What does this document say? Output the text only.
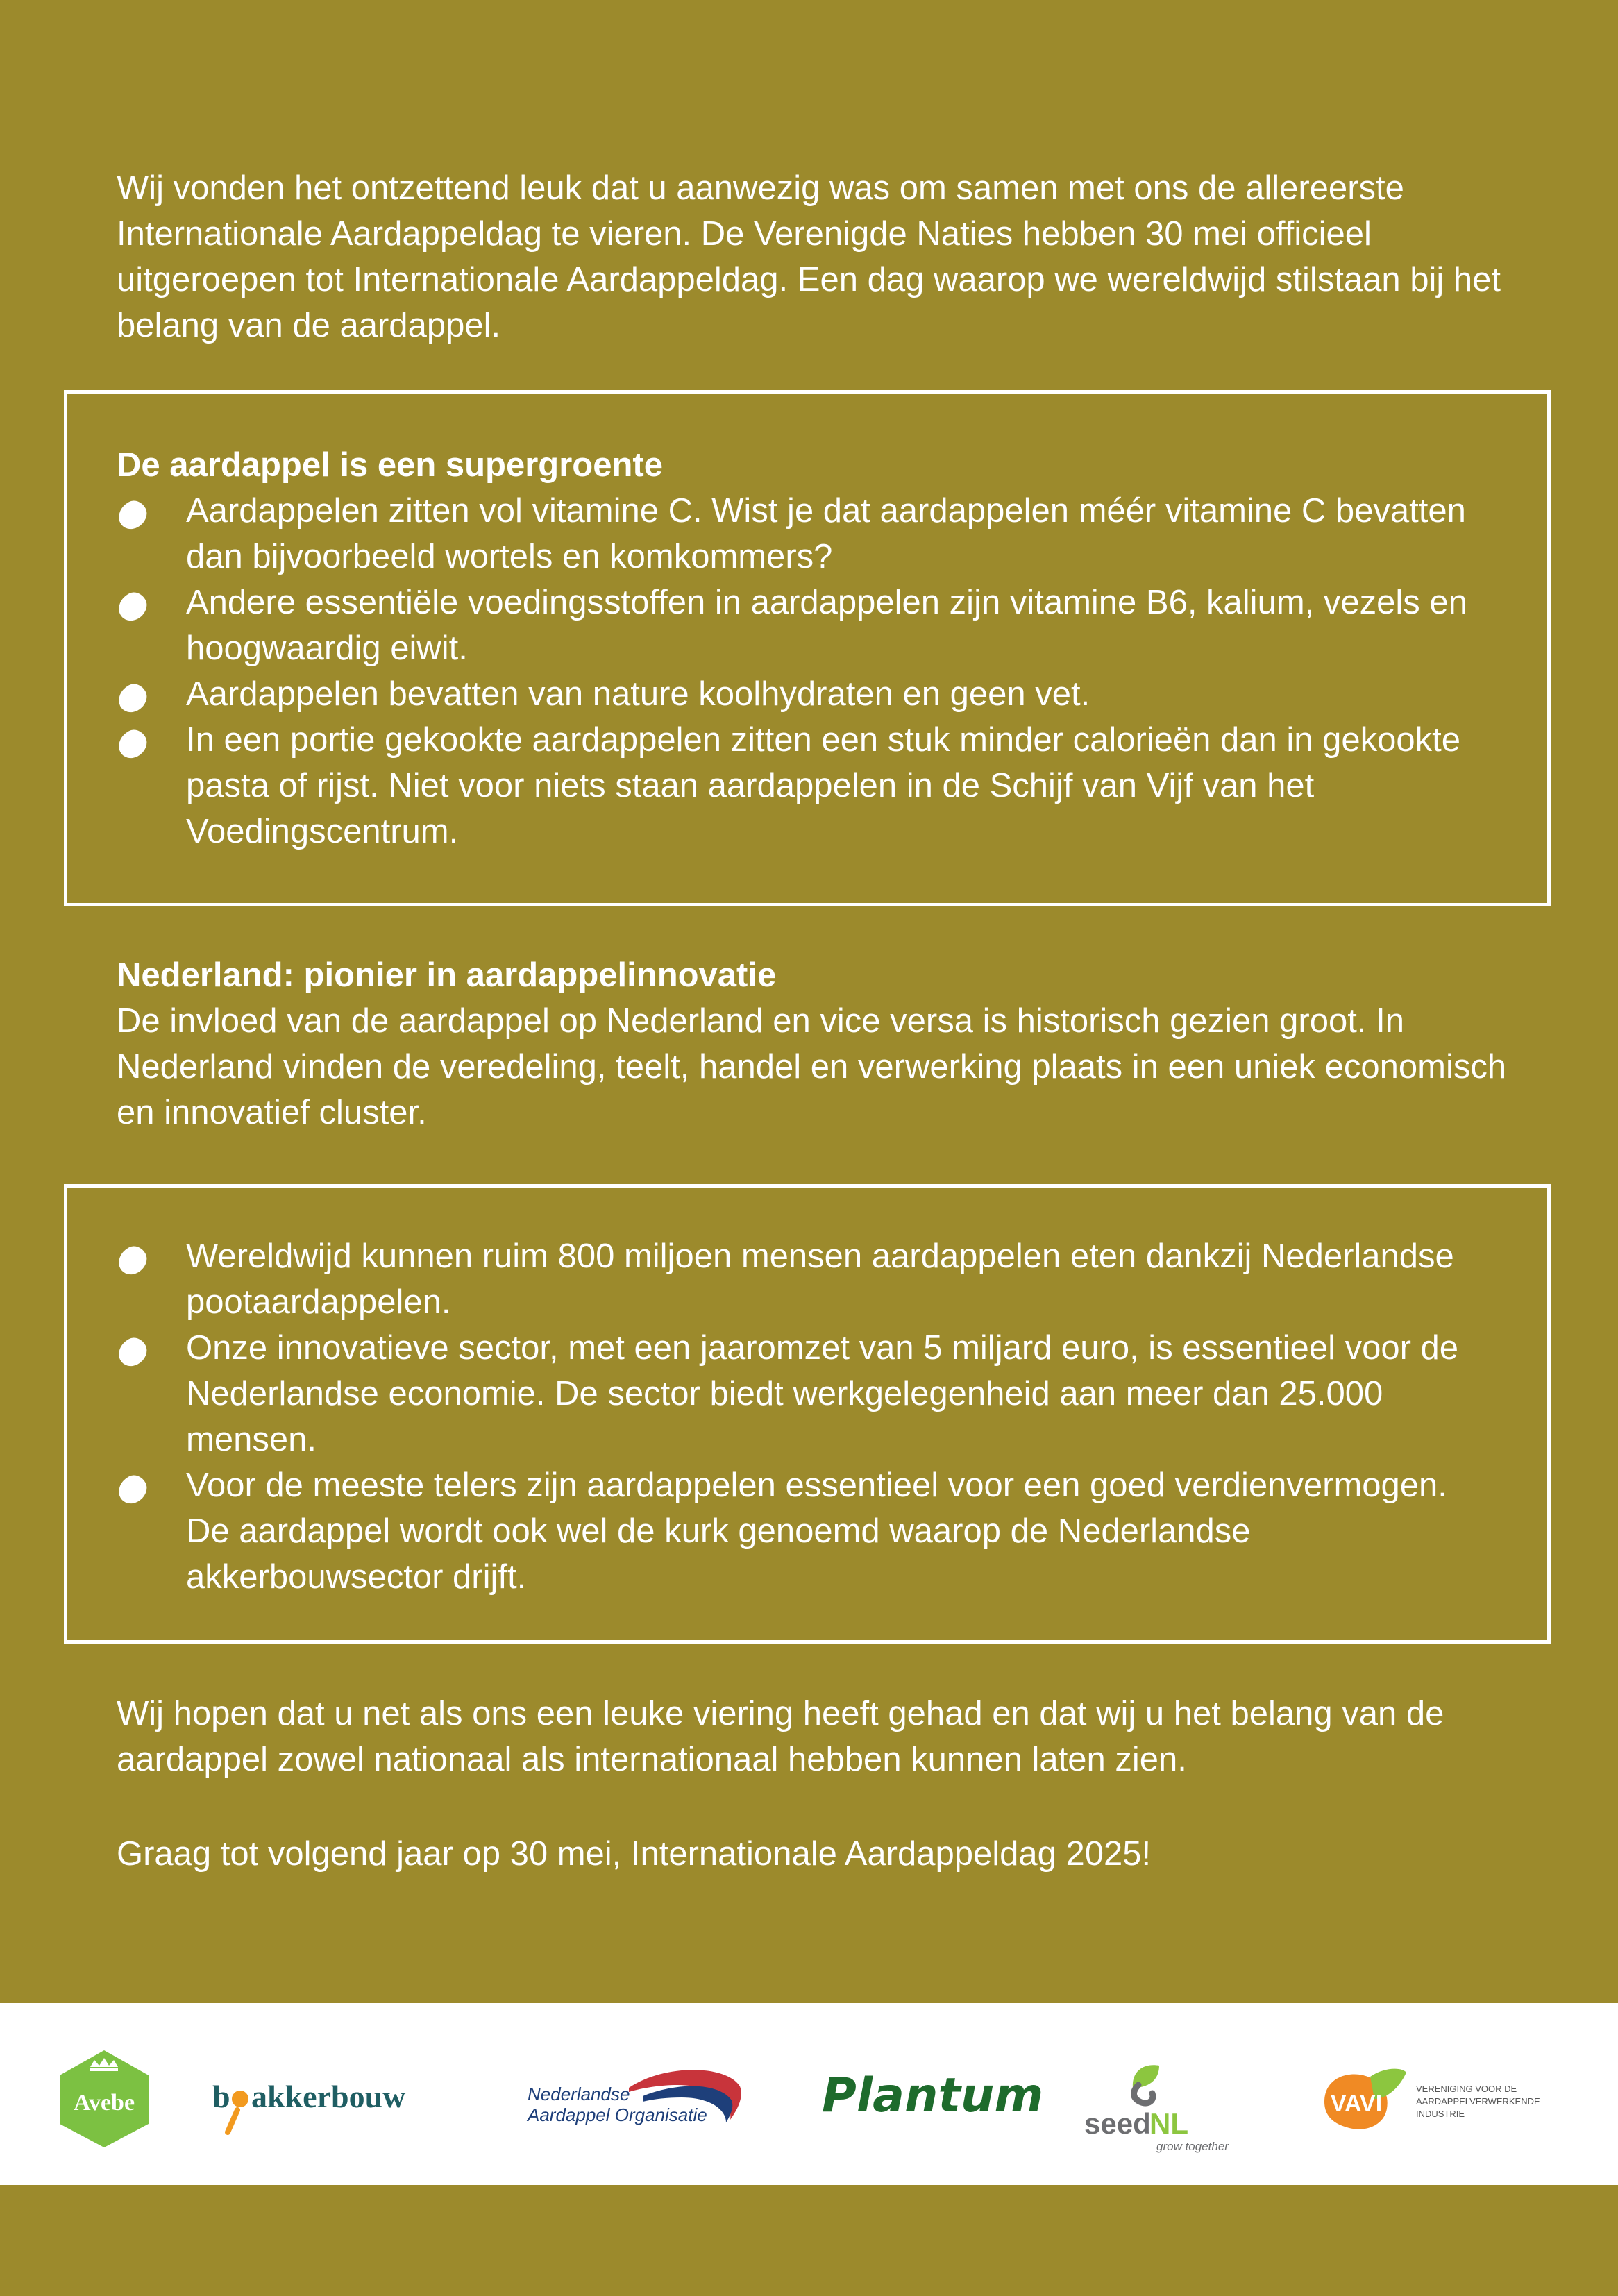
Wij vonden het ontzettend leuk dat u aanwezig was om samen met ons de allereerste Internationale Aardappeldag te vieren. De Verenigde Naties hebben 30 mei officieel uitgeroepen tot Internationale Aardappeldag. Een dag waarop we wereldwijd stilstaan bij het belang van de aardappel.

De aardappel is een supergroente

Aardappelen zitten vol vitamine C. Wist je dat aardappelen méér vitamine C bevatten dan bijvoorbeeld wortels en komkommers?
Andere essentiële voedingsstoffen in aardappelen zijn vitamine B6, kalium, vezels en hoogwaardig eiwit.
Aardappelen bevatten van nature koolhydraten en geen vet.
In een portie gekookte aardappelen zitten een stuk minder calorieën dan in gekookte pasta of rijst. Niet voor niets staan aardappelen in de Schijf van Vijf van het Voedingscentrum.

Nederland: pionier in aardappelinnovatie

De invloed van de aardappel op Nederland en vice versa is historisch gezien groot. In Nederland vinden de veredeling, teelt, handel en verwerking plaats in een uniek economisch en innovatief cluster.

Wereldwijd kunnen ruim 800 miljoen mensen aardappelen eten dankzij Nederlandse pootaardappelen.
Onze innovatieve sector, met een jaaromzet van 5 miljard euro, is essentieel voor de Nederlandse economie. De sector biedt werkgelegenheid aan meer dan 25.000 mensen.
Voor de meeste telers zijn aardappelen essentieel voor een goed verdienvermogen. De aardappel wordt ook wel de kurk genoemd waarop de Nederlandse akkerbouwsector drijft.

Wij hopen dat u net als ons een leuke viering heeft gehad en dat wij u het belang van de aardappel zowel nationaal als internationaal hebben kunnen laten zien.

Graag tot volgend jaar op 30 mei, Internationale Aardappeldag 2025!

Avebe b akkerbouw	Nederlandse
Aardappel Organisatie Plantum
seed
NL
grow together
VAVI
VERENIGING VOOR DE
AARDAPPELVERWERKENDE
INDUSTRIE
